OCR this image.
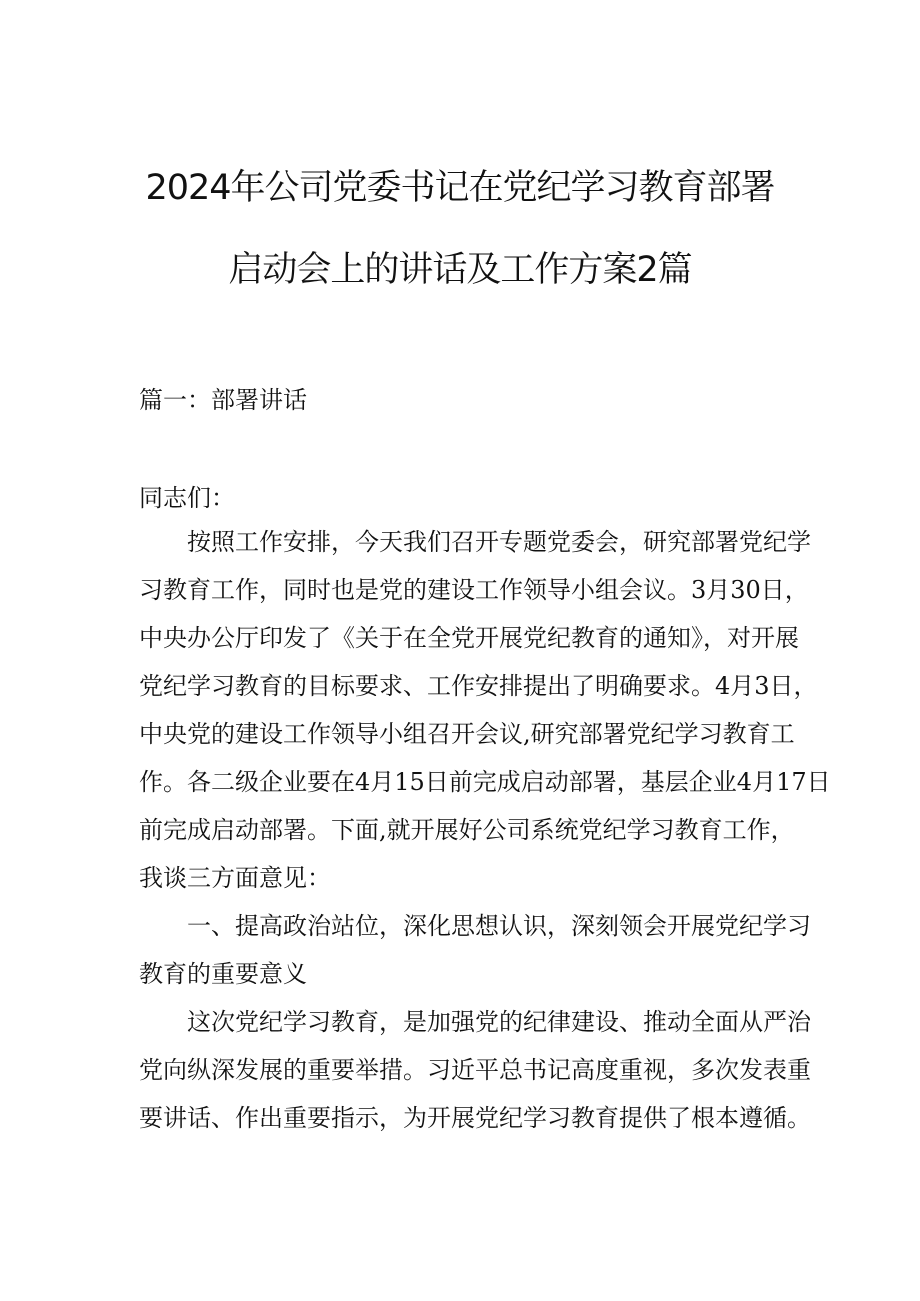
2024年公司党委书记在党纪学习教育部署
启动会上的讲话及工作方案2篇
篇一：部署讲话
同志们：
按照工作安排，今天我们召开专题党委会，研究部署党纪学
习教育工作，同时也是党的建设工作领导小组会议。3月30日，
中央办公厅印发了《关于在全党开展党纪教育的通知》，对开展
党纪学习教育的目标要求、工作安排提出了明确要求。4月3日，
中央党的建设工作领导小组召开会议,研究部署党纪学习教育工
作。各二级企业要在4月15日前完成启动部署，基层企业4月17日
前完成启动部署。下面,就开展好公司系统党纪学习教育工作，
我谈三方面意见：
一、提高政治站位，深化思想认识，深刻领会开展党纪学习
教育的重要意义
这次党纪学习教育，是加强党的纪律建设、推动全面从严治
党向纵深发展的重要举措。习近平总书记高度重视，多次发表重
要讲话、作出重要指示，为开展党纪学习教育提供了根本遵循。
